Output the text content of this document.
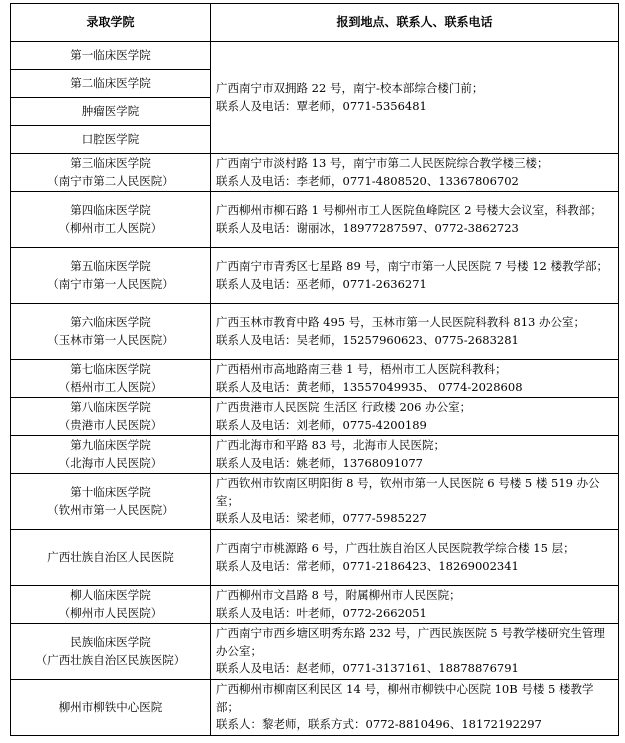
录取学院	报到地点、联系人、联系电话
第一临床医学院	广西南宁市双拥路 22 号，南宁-校本部综合楼门前；
联系人及电话：覃老师，0771-5356481

第二临床医学院	
肿瘤医学院	
口腔医学院	

第三临床医学院
（南宁市第二人民医院）	广西南宁市淡村路 13 号，南宁市第二人民医院综合教学楼三楼；
联系人及电话：李老师，0771-4808520、13367806702

第四临床医学院
（柳州市工人医院）	广西柳州市柳石路 1 号柳州市工人医院鱼峰院区 2 号楼大会议室，科教部；
联系人及电话：谢丽冰，18977287597、0772-3862723

第五临床医学院
（南宁市第一人民医院）	广西南宁市青秀区七星路 89 号，南宁市第一人民医院 7 号楼 12 楼教学部；
联系人及电话：巫老师，0771-2636271

第六临床医学院
（玉林市第一人民医院）	广西玉林市教育中路 495 号，玉林市第一人民医院科教科 813 办公室；
联系人及电话：吴老师，15257960623、0775-2683281

第七临床医学院
（梧州市工人医院）	广西梧州市高地路南三巷 1 号，梧州市工人医院科教科；
联系人及电话：黄老师，13557049935、 0774-2028608

第八临床医学院
（贵港市人民医院）	广西贵港市人民医院 生活区 行政楼 206 办公室；
联系人及电话：刘老师，0775-4200189

第九临床医学院
（北海市人民医院）	广西北海市和平路 83 号，北海市人民医院；
联系人及电话：姚老师，13768091077

第十临床医学院
（钦州市第一人民医院）	广西钦州市钦南区明阳街 8 号，钦州市第一人民医院 6 号楼 5 楼 519 办公室；
联系人及电话：梁老师，0777-5985227

广西壮族自治区人民医院	广西南宁市桃源路 6 号，广西壮族自治区人民医院教学综合楼 15 层；
联系人及电话：常老师，0771-2186423、18269002341

柳人临床医学院
（柳州市人民医院）	广西柳州市文昌路 8 号，附属柳州市人民医院；
联系人及电话：叶老师，0772-2662051

民族临床医学院
（广西壮族自治区民族医院）	广西南宁市西乡塘区明秀东路 232 号，广西民族医院 5 号教学楼研究生管理办公室；
联系人及电话：赵老师，0771-3137161、18878876791

柳州市柳铁中心医院	广西柳州市柳南区利民区 14 号，柳州市柳铁中心医院 10B 号楼 5 楼教学部；
联系人：黎老师，联系方式：0772-8810496、18172192297
